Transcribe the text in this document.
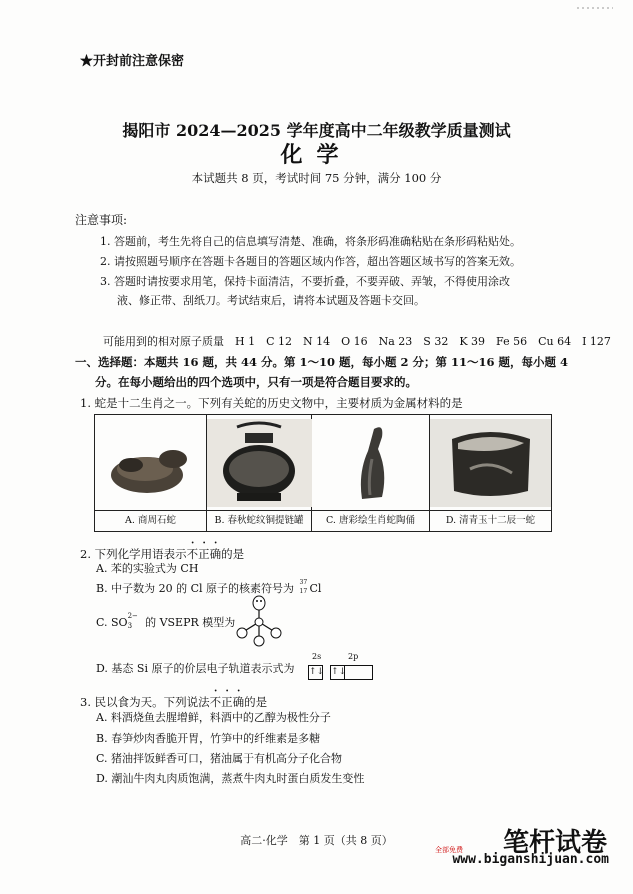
★开封前注意保密
揭阳市 2024—2025 学年度高中二年级教学质量测试
化学
本试题共 8 页，考试时间 75 分钟，满分 100 分
注意事项:
1. 答题前，考生先将自己的信息填写清楚、准确，将条形码准确粘贴在条形码粘贴处。
2. 请按照题号顺序在答题卡各题目的答题区域内作答，超出答题区域书写的答案无效。
3. 答题时请按要求用笔，保持卡面清洁，不要折叠，不要弄破、弄皱，不得使用涂改
液、修正带、刮纸刀。考试结束后，请将本试题及答题卡交回。
可能用到的相对原子质量　H 1　C 12　N 14　O 16　Na 23　S 32　K 39　Fe 56　Cu 64　I 127
一、选择题：本题共 16 题，共 44 分。第 1～10 题，每小题 2 分；第 11～16 题，每小题 4
分。在每小题给出的四个选项中，只有一项是符合题目要求的。
1. 蛇是十二生肖之一。下列有关蛇的历史文物中，主要材质为金属材料的是
A. 商周石蛇	B. 春秋蛇纹铜提链罐	C. 唐彩绘生肖蛇陶俑	D. 清青玉十二辰一蛇
2. 下列化学用语表示不正确的是
A. 苯的实验式为 CH
B. 中子数为 20 的 Cl 原子的核素符号为 37
17 Cl
C. SO 2−
3 的 VSEPR 模型为
D. 基态 Si 原子的价层电子轨道表示式为
2s	2p
↑↓ ↑↓
3. 民以食为天。下列说法不正确的是
A. 料酒烧鱼去腥增鲜，料酒中的乙醇为极性分子
B. 春笋炒肉香脆开胃，竹笋中的纤维素是多糖
C. 猪油拌饭鲜香可口，猪油属于有机高分子化合物
D. 潮汕牛肉丸肉质饱满，蒸煮牛肉丸时蛋白质发生变性
高二·化学　第 1 页（共 8 页）	笔杆试卷
全部免费
www.biganshijuan.com
